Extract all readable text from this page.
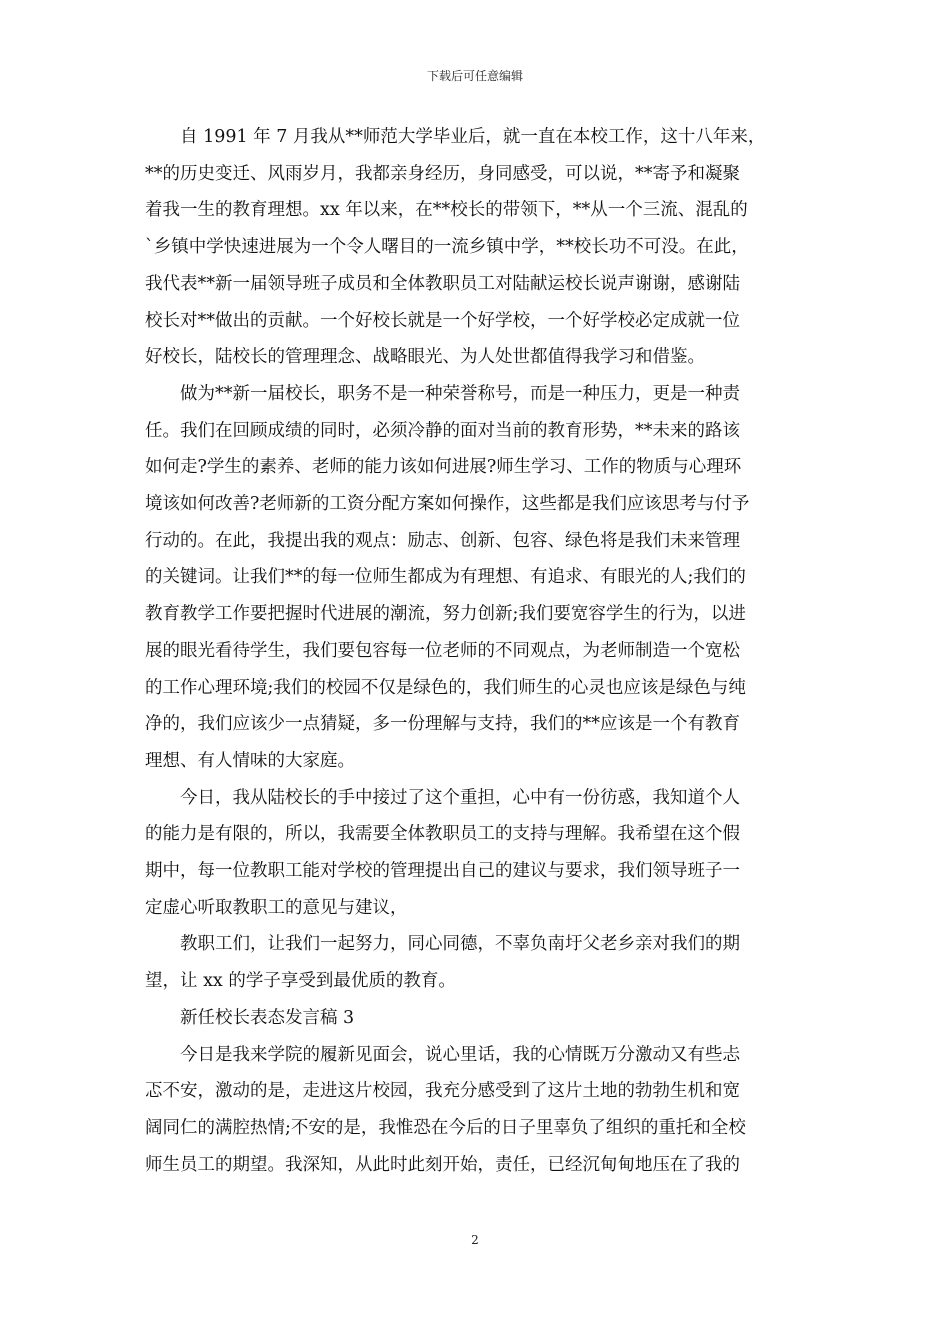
下载后可任意编辑

自 1991 年 7 月我从**师范大学毕业后，就一直在本校工作，这十八年来，
**的历史变迁、风雨岁月，我都亲身经历，身同感受，可以说，**寄予和凝聚
着我一生的教育理想。xx 年以来，在**校长的带领下，**从一个三流、混乱的
`乡镇中学快速进展为一个令人曙目的一流乡镇中学，**校长功不可没。在此，
我代表**新一届领导班子成员和全体教职员工对陆献运校长说声谢谢，感谢陆
校长对**做出的贡献。一个好校长就是一个好学校，一个好学校必定成就一位
好校长，陆校长的管理理念、战略眼光、为人处世都值得我学习和借鉴。

做为**新一届校长，职务不是一种荣誉称号，而是一种压力，更是一种责
任。我们在回顾成绩的同时，必须冷静的面对当前的教育形势，**未来的路该
如何走?学生的素养、老师的能力该如何进展?师生学习、工作的物质与心理环
境该如何改善?老师新的工资分配方案如何操作，这些都是我们应该思考与付予
行动的。在此，我提出我的观点：励志、创新、包容、绿色将是我们未来管理
的关键词。让我们**的每一位师生都成为有理想、有追求、有眼光的人;我们的
教育教学工作要把握时代进展的潮流，努力创新;我们要宽容学生的行为，以进
展的眼光看待学生，我们要包容每一位老师的不同观点，为老师制造一个宽松
的工作心理环境;我们的校园不仅是绿色的，我们师生的心灵也应该是绿色与纯
净的，我们应该少一点猜疑，多一份理解与支持，我们的**应该是一个有教育
理想、有人情味的大家庭。

今日，我从陆校长的手中接过了这个重担，心中有一份彷惑，我知道个人
的能力是有限的，所以，我需要全体教职员工的支持与理解。我希望在这个假
期中，每一位教职工能对学校的管理提出自己的建议与要求，我们领导班子一
定虚心听取教职工的意见与建议，

教职工们，让我们一起努力，同心同德，不辜负南圩父老乡亲对我们的期
望，让 xx 的学子享受到最优质的教育。

新任校长表态发言稿 3

今日是我来学院的履新见面会，说心里话，我的心情既万分激动又有些忐
忑不安，激动的是，走进这片校园，我充分感受到了这片土地的勃勃生机和宽
阔同仁的满腔热情;不安的是，我惟恐在今后的日子里辜负了组织的重托和全校
师生员工的期望。我深知，从此时此刻开始，责任，已经沉甸甸地压在了我的

2
